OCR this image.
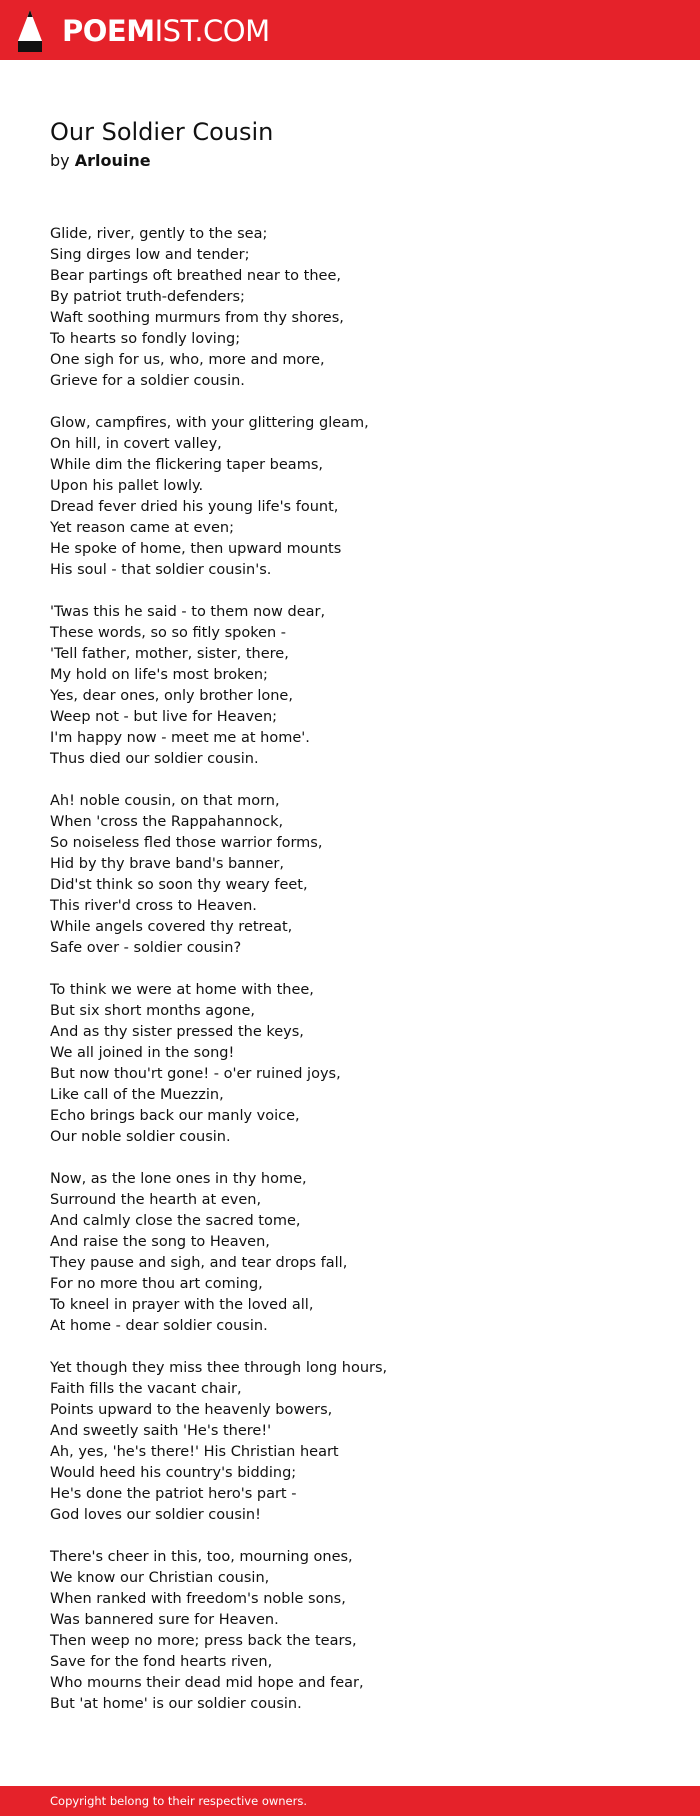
POEMIST.COM
Our Soldier Cousin
by Arlouine
Glide, river, gently to the sea;
Sing dirges low and tender;
Bear partings oft breathed near to thee,
By patriot truth-defenders;
Waft soothing murmurs from thy shores,
To hearts so fondly loving;
One sigh for us, who, more and more,
Grieve for a soldier cousin.
Glow, campfires, with your glittering gleam,
On hill, in covert valley,
While dim the flickering taper beams,
Upon his pallet lowly.
Dread fever dried his young life's fount,
Yet reason came at even;
He spoke of home, then upward mounts
His soul - that soldier cousin's.
'Twas this he said - to them now dear,
These words, so so fitly spoken -
'Tell father, mother, sister, there,
My hold on life's most broken;
Yes, dear ones, only brother lone,
Weep not - but live for Heaven;
I'm happy now - meet me at home'.
Thus died our soldier cousin.
Ah! noble cousin, on that morn,
When 'cross the Rappahannock,
So noiseless fled those warrior forms,
Hid by thy brave band's banner,
Did'st think so soon thy weary feet,
This river'd cross to Heaven.
While angels covered thy retreat,
Safe over - soldier cousin?
To think we were at home with thee,
But six short months agone,
And as thy sister pressed the keys,
We all joined in the song!
But now thou'rt gone! - o'er ruined joys,
Like call of the Muezzin,
Echo brings back our manly voice,
Our noble soldier cousin.
Now, as the lone ones in thy home,
Surround the hearth at even,
And calmly close the sacred tome,
And raise the song to Heaven,
They pause and sigh, and tear drops fall,
For no more thou art coming,
To kneel in prayer with the loved all,
At home - dear soldier cousin.
Yet though they miss thee through long hours,
Faith fills the vacant chair,
Points upward to the heavenly bowers,
And sweetly saith 'He's there!'
Ah, yes, 'he's there!' His Christian heart
Would heed his country's bidding;
He's done the patriot hero's part -
God loves our soldier cousin!
There's cheer in this, too, mourning ones,
We know our Christian cousin,
When ranked with freedom's noble sons,
Was bannered sure for Heaven.
Then weep no more; press back the tears,
Save for the fond hearts riven,
Who mourns their dead mid hope and fear,
But 'at home' is our soldier cousin.
Copyright belong to their respective owners.
